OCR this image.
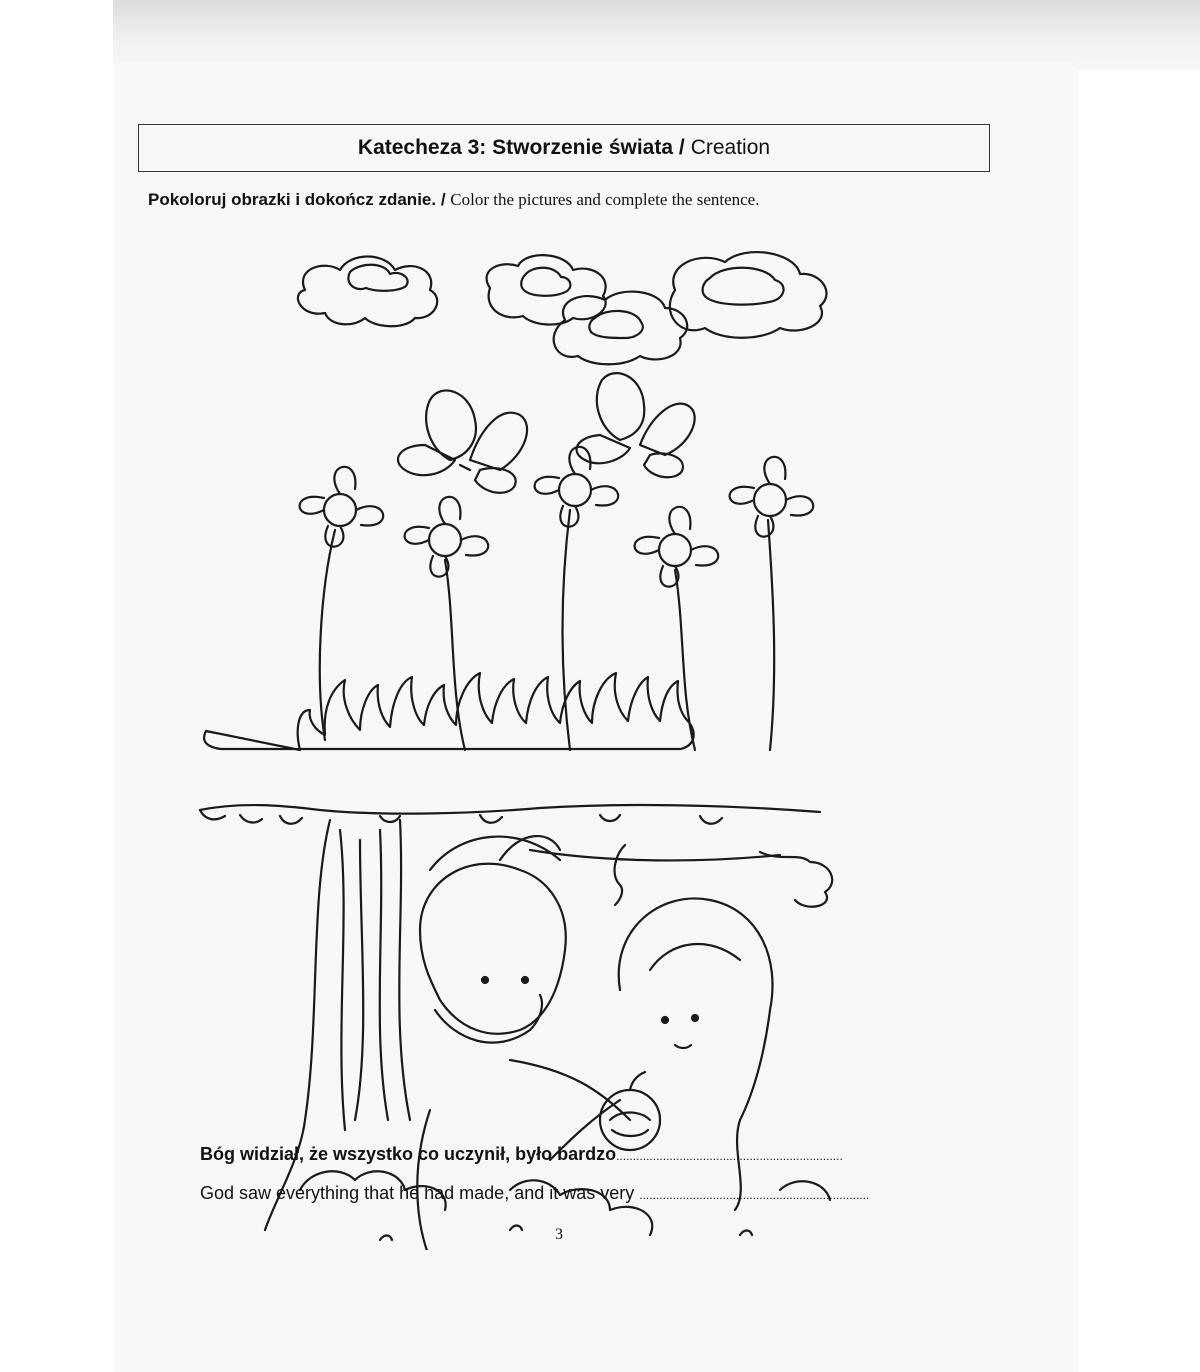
Katecheza 3: Stworzenie świata / Creation
Pokoloruj obrazki i dokończ zdanie. / Color the pictures and complete the sentence.
Bóg widział, że wszystko co uczynił, było bardzo....................................................................
God saw everything that he had made, and it was very .....................................................................
3
